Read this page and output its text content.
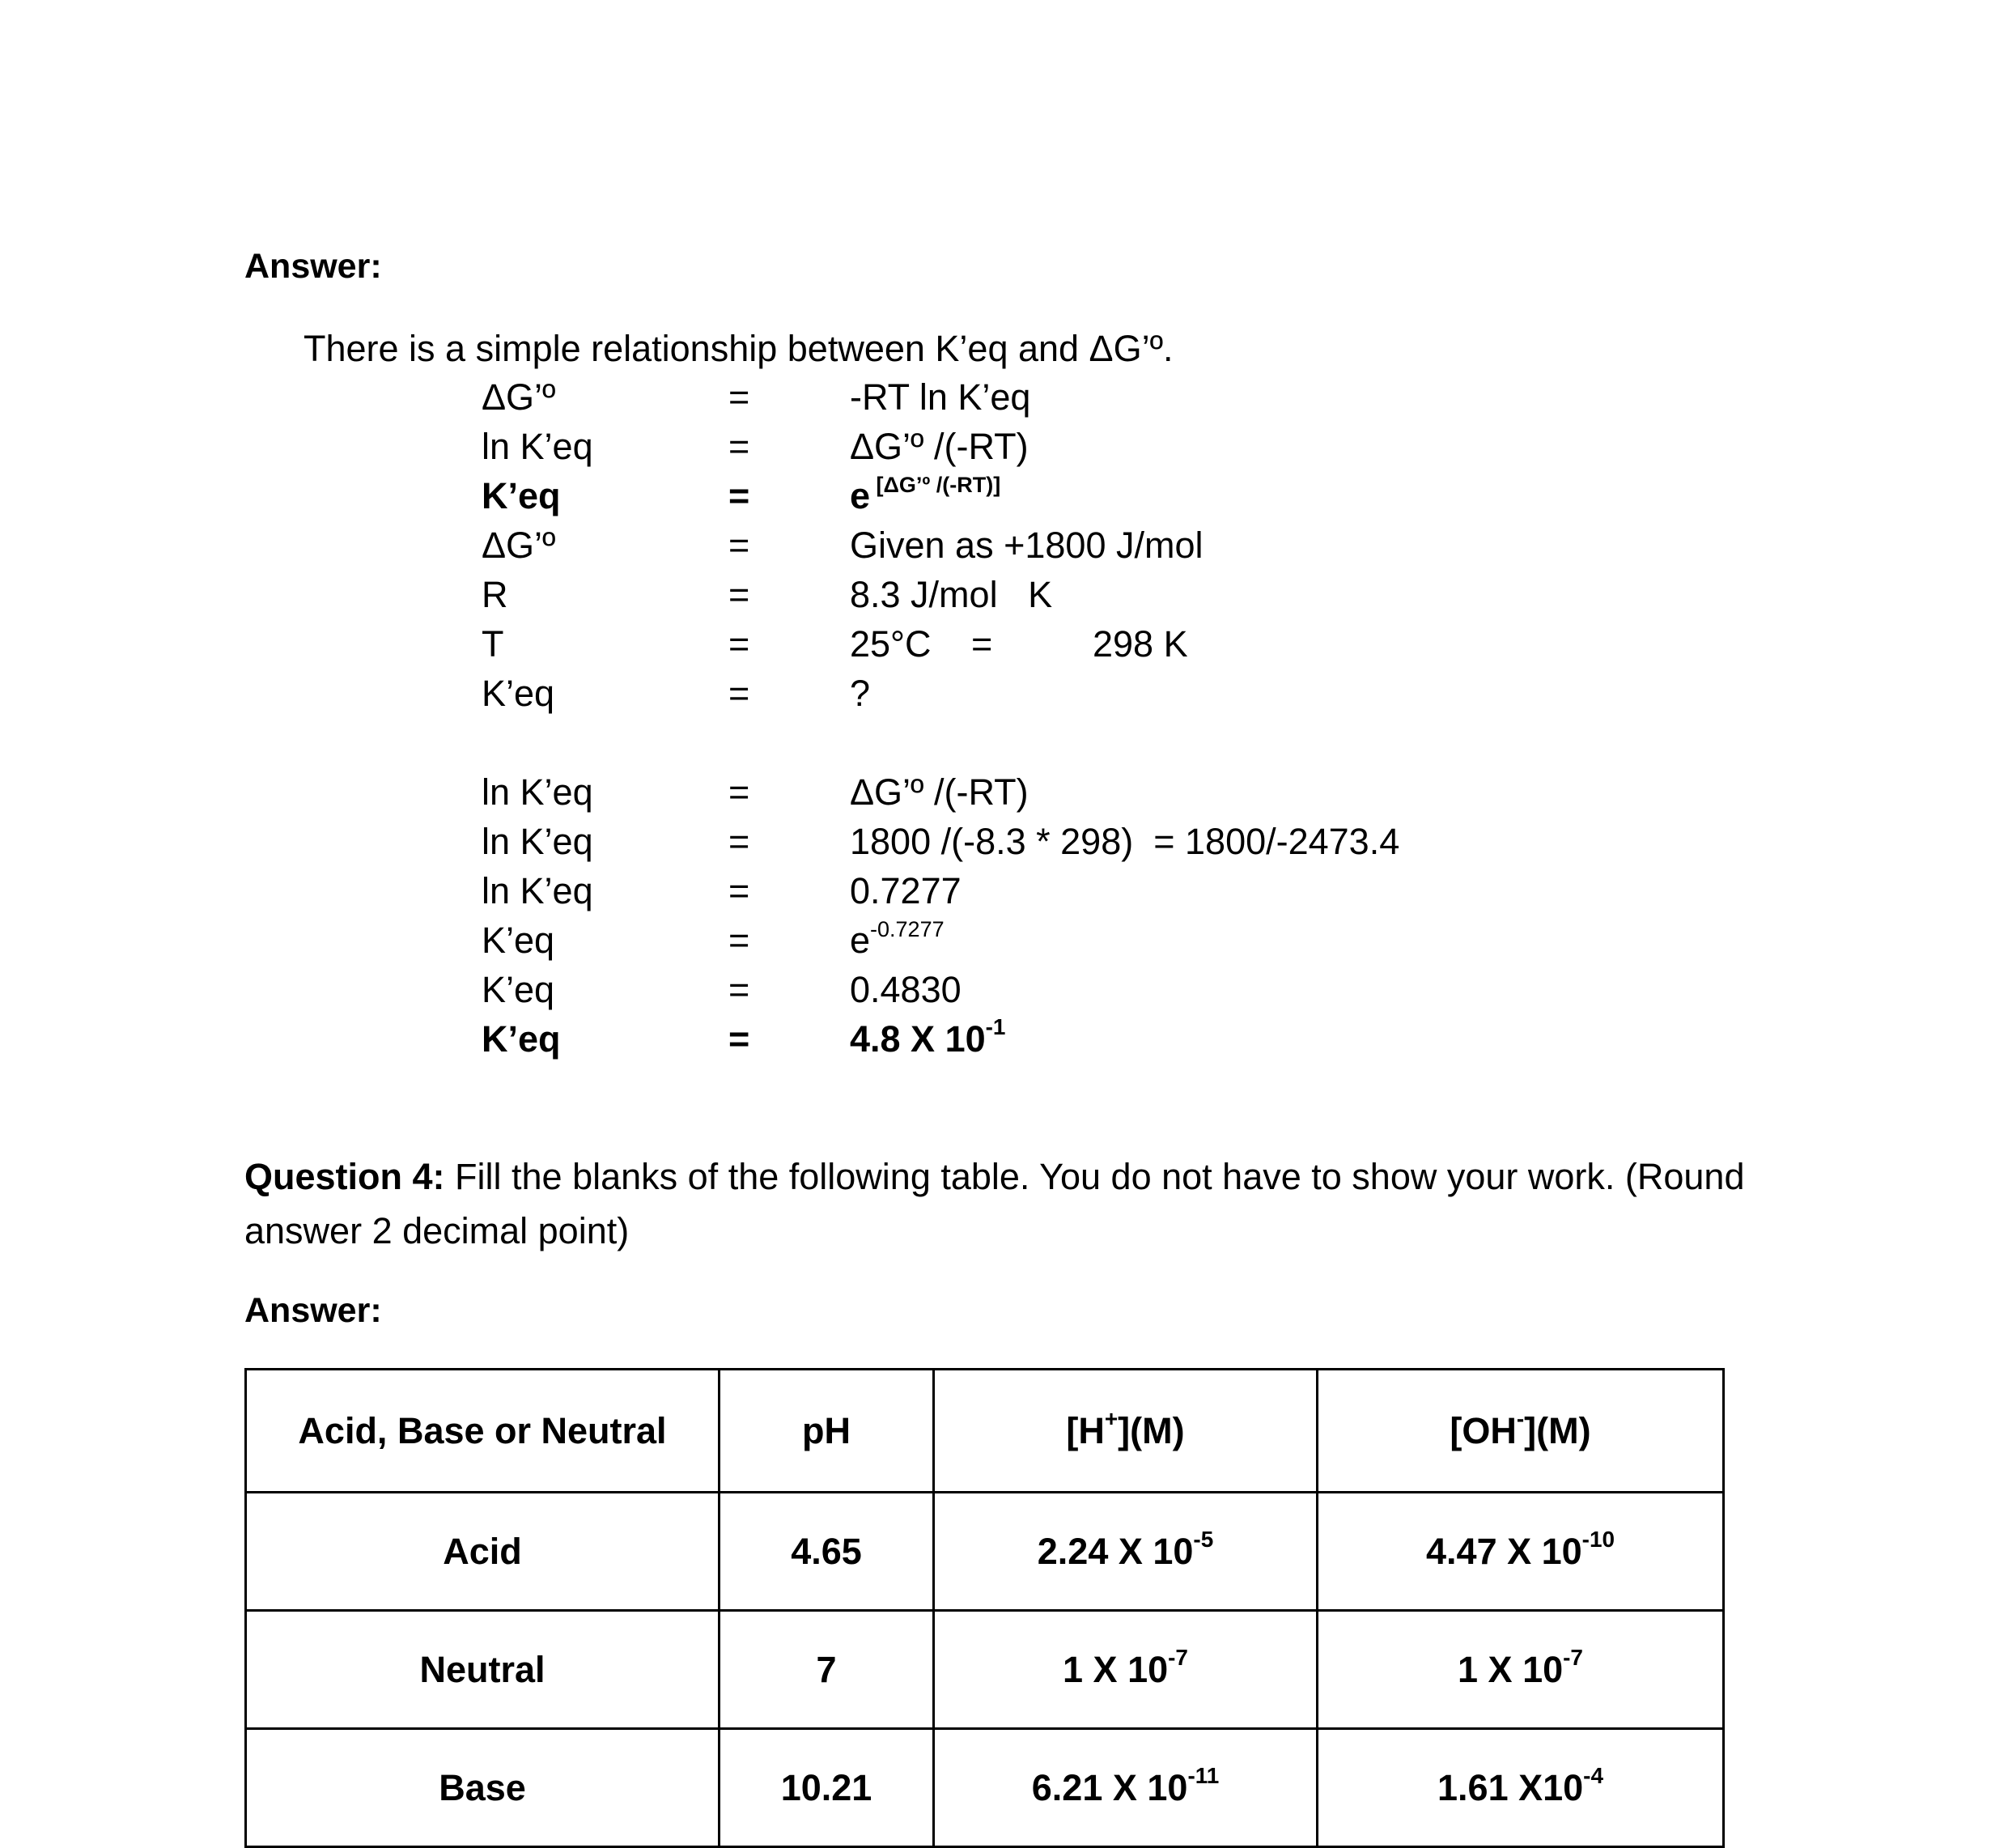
Answer:
There is a simple relationship between K’eq and ΔG’º.
ΔG’º	=	-RT ln K’eq
ln K’eq	=	ΔG’º /(-RT)
K’eq	=	e [ΔG’º /(-RT)]
ΔG’º	=	Given as +1800 J/mol
R	=	8.3 J/mol   K
T	=	25°C =	298 K
K’eq	=	?
ln K’eq	=	ΔG’º /(-RT)
ln K’eq	=	1800 /(-8.3 * 298)  = 1800/-2473.4
ln K’eq	=	0.7277
K’eq	=	$e^{-0.7277}$
K’eq	=	0.4830
K’eq	=	4.8 X $10^{-1}$
Question 4: Fill the blanks of the following table. You do not have to show your work. (Round
answer 2 decimal point)
Answer:
Acid, Base or Neutral	pH	[H+](M)	[OH-](M)
Acid	4.65	2.24 X $10^{-5}$	4.47 X $10^{-10}$
Neutral	7	1 X $10^{-7}$	1 X $10^{-7}$
Base	10.21	6.21 X $10^{-11}$	1.61 $X10^{-4}$
